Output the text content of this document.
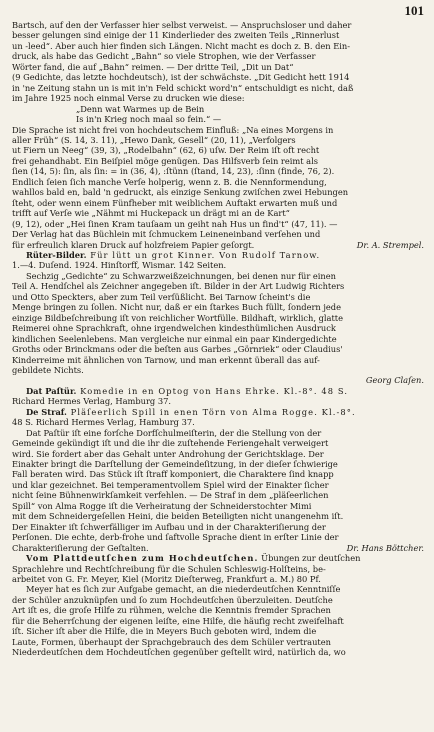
101

Bartsch, auf den der Verfasser hier selbst verweist. — Anspruchsloser und daher

besser gelungen sind einige der 11 Kinderlieder des zweiten Teils „Rinnerlust

un -leed“. Aber auch hier finden sich Längen. Nicht macht es doch z. B. den Ein-

druck, als habe das Gedicht „Bahn“ so viele Strophen, wie der Verfasser

Wörter fand, die auf „Bahn“ reimen. — Der dritte Teil, „Dit un Dat“

(9 Gedichte, das letzte hochdeutsch), ist der schwächste. „Dit Gedicht hett 1914

in 'ne Zeitung stahn un is mit in'n Feld schickt word'n“ entschuldigt es nicht, daß

im Jahre 1925 noch einmal Verse zu drucken wie diese:

„Denn wat Warmes up de Bein

Is in'n Krieg noch maal so fein.“ —

Die Sprache ist nicht frei von hochdeutschem Einfluß: „Na eines Morgens in

aller Früh“ (S. 14, 3. 11), „Hewo Dank, Gesell“ (20, 11), „Verfolgers

ut Fiern un Neeg“ (39, 3), „Rodelbahn“ (62, 6) uſw. Der Reim iſt oft recht

frei gehandhabt. Ein Beiſpiel möge genügen. Das Hilfsverb ſein reimt als

ſien (14, 5): ſin, als ſin: = in (36, 4), :ſtünn (ſtand, 14, 23), :ſinn (finde, 76, 2).

Endlich ſeien ſich manche Verſe holperig, wenn z. B. die Nennformendung,

wahllos bald en, bald 'n gedruckt, als einzige Senkung zwiſchen zwei Hebungen

ſteht, oder wenn einem Fünfheber mit weiblichem Auftakt erwarten muß und

trifft auf Verſe wie „Nähmt mi Huckepack un drägt mi an de Kart“

(9, 12), oder „Hei ſinen Kram tauſaam un geiht nah Hus un find't“ (47, 11). —

Der Verlag hat das Büchlein mit ſchmuckem Leineneinband verſehen und

für erfreulich klaren Druck auf holzfreiem Papier geſorgt.	Dr. A. Strempel.

Rüter-Bilder. Für lütt un grot Kinner. Von Rudolf Tarnow.

1.—4. Duſend. 1924. Hinſtorff, Wismar. 142 Seiten.

Sechzig „Gedichte“ zu Schwarzweißzeichnungen, bei denen nur für einen

Teil A. Hendſchel als Zeichner angegeben iſt. Bilder in der Art Ludwig Richters

und Otto Speckters, aber zum Teil verſüßlicht. Bei Tarnow ſcheint's die

Menge bringen zu ſollen. Nicht nur, daß er ein ſtarkes Buch füllt, ſondern jede

einzige Bildbeſchreibung iſt von reichlicher Wortfülle. Bildhaft, wirklich, glatte

Reimerei ohne Sprachkraft, ohne irgendwelchen kindesthümlichen Ausdruck

kindlichen Seelenlebens. Man vergleiche nur einmal ein paar Kindergedichte

Groths oder Brinckmans oder die beſten aus Garbes „Görnriek“ oder Claudius'

Kinderreime mit ähnlichen von Tarnow, und man erkennt überall das auf-

gebildete Nichts.

Georg Claſen.

Dat Paſtür. Komedie in en Optog von Hans Ehrke. Kl.-8°. 48 S.

Richard Hermes Verlag, Hamburg 37.

De Straf. Pläſeerlich Spill in enen Törn von Alma Rogge. Kl.-8°.

48 S. Richard Hermes Verlag, Hamburg 37.

Dat Paſtür iſt eine forſche Dorfſchulmeiſterin, der die Stellung von der

Gemeinde gekündigt iſt und die ihr die zuſtehende Feriengehalt verweigert

wird. Sie fordert aber das Gehalt unter Androhung der Gerichtsklage. Der

Einakter bringt die Darſtellung der Gemeindeſitzung, in der dieſer ſchwierige

Fall beraten wird. Das Stück iſt ſtraff komponiert, die Charaktere ſind knapp

und klar gezeichnet. Bei temperamentvollem Spiel wird der Einakter ſicher

nicht ſeine Bühnenwirkſamkeit verfehlen. — De Straf in dem „pläſeerlichen

Spill“ von Alma Rogge iſt die Verheiratung der Schneiderstochter Mimi

mit dem Schneidergeſellen Heini, die beiden Beteiligten nicht unangenehm iſt.

Der Einakter iſt ſchwerfälliger im Aufbau und in der Charakteriſierung der

Perſonen. Die echte, derb-frohe und ſaftvolle Sprache dient in erſter Linie der

Charakteriſierung der Geſtalten.	Dr. Hans Böttcher.

Vom Plattdeutſchen zum Hochdeutſchen. Übungen zur deutſchen

Sprachlehre und Rechtſchreibung für die Schulen Schleswig-Holſteins, be-

arbeitet von G. Fr. Meyer, Kiel (Moritz Dieſterweg, Frankfurt a. M.) 80 Pf.

Meyer hat es ſich zur Aufgabe gemacht, an die niederdeutſchen Kenntniſſe

der Schüler anzuknüpfen und ſo zum Hochdeutſchen überzuleiten. Deutſche

Art iſt es, die groſe Hilfe zu rühmen, welche die Kenntnis fremder Sprachen

für die Beherrſchung der eigenen leiſte, eine Hilfe, die häufig recht zweifelhaft

iſt. Sicher iſt aber die Hilfe, die in Meyers Buch geboten wird, indem die

Laute, Formen, überhaupt der Sprachgebrauch des dem Schüler vertrauten

Niederdeutſchen dem Hochdeutſchen gegenüber geſtellt wird, natürlich da, wo
